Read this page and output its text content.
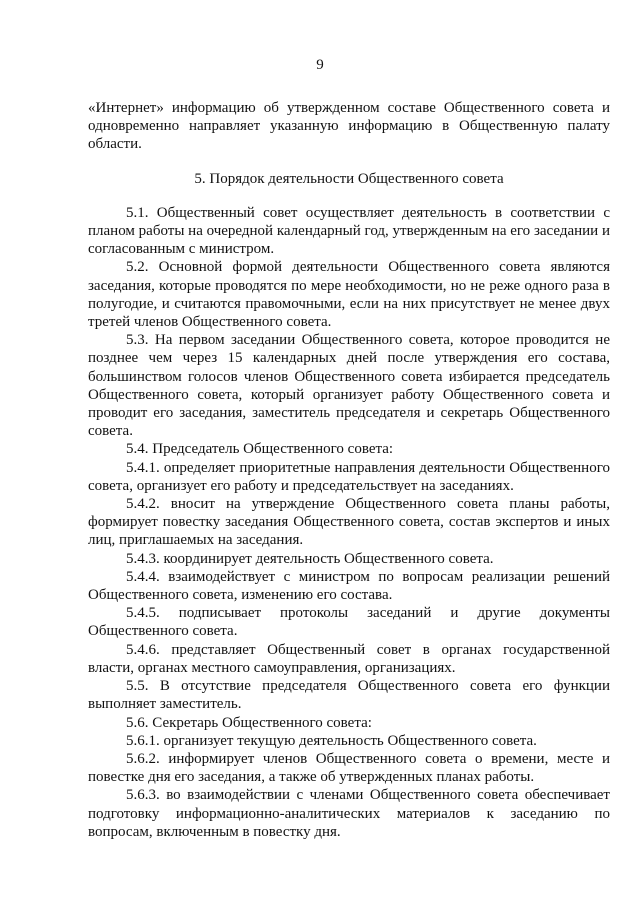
9

«Интернет» информацию об утвержденном составе Общественного совета и одновременно направляет указанную информацию в Общественную палату области.

5. Порядок деятельности Общественного совета

5.1. Общественный совет осуществляет деятельность в соответствии с планом работы на очередной календарный год, утвержденным на его заседании и согласованным с министром.

5.2. Основной формой деятельности Общественного совета являются заседания, которые проводятся по мере необходимости, но не реже одного раза в полугодие, и считаются правомочными, если на них присутствует не менее двух третей членов Общественного совета.

5.3. На первом заседании Общественного совета, которое проводится не позднее чем через 15 календарных дней после утверждения его состава, большинством голосов членов Общественного совета избирается председатель Общественного совета, который организует работу Общественного совета и проводит его заседания, заместитель председателя и секретарь Общественного совета.

5.4. Председатель Общественного совета:

5.4.1. определяет приоритетные направления деятельности Общественного совета, организует его работу и председательствует на заседаниях.

5.4.2. вносит на утверждение Общественного совета планы работы, формирует повестку заседания Общественного совета, состав экспертов и иных лиц, приглашаемых на заседания.

5.4.3. координирует деятельность Общественного совета.

5.4.4. взаимодействует с министром по вопросам реализации решений Общественного совета, изменению его состава.

5.4.5. подписывает протоколы заседаний и другие документы Общественного совета.

5.4.6. представляет Общественный совет в органах государственной власти, органах местного самоуправления, организациях.

5.5. В отсутствие председателя Общественного совета его функции выполняет заместитель.

5.6. Секретарь Общественного совета:

5.6.1. организует текущую деятельность Общественного совета.

5.6.2. информирует членов Общественного совета о времени, месте и повестке дня его заседания, а также об утвержденных планах работы.

5.6.3. во взаимодействии с членами Общественного совета обеспечивает подготовку информационно-аналитических материалов к заседанию по вопросам, включенным в повестку дня.
